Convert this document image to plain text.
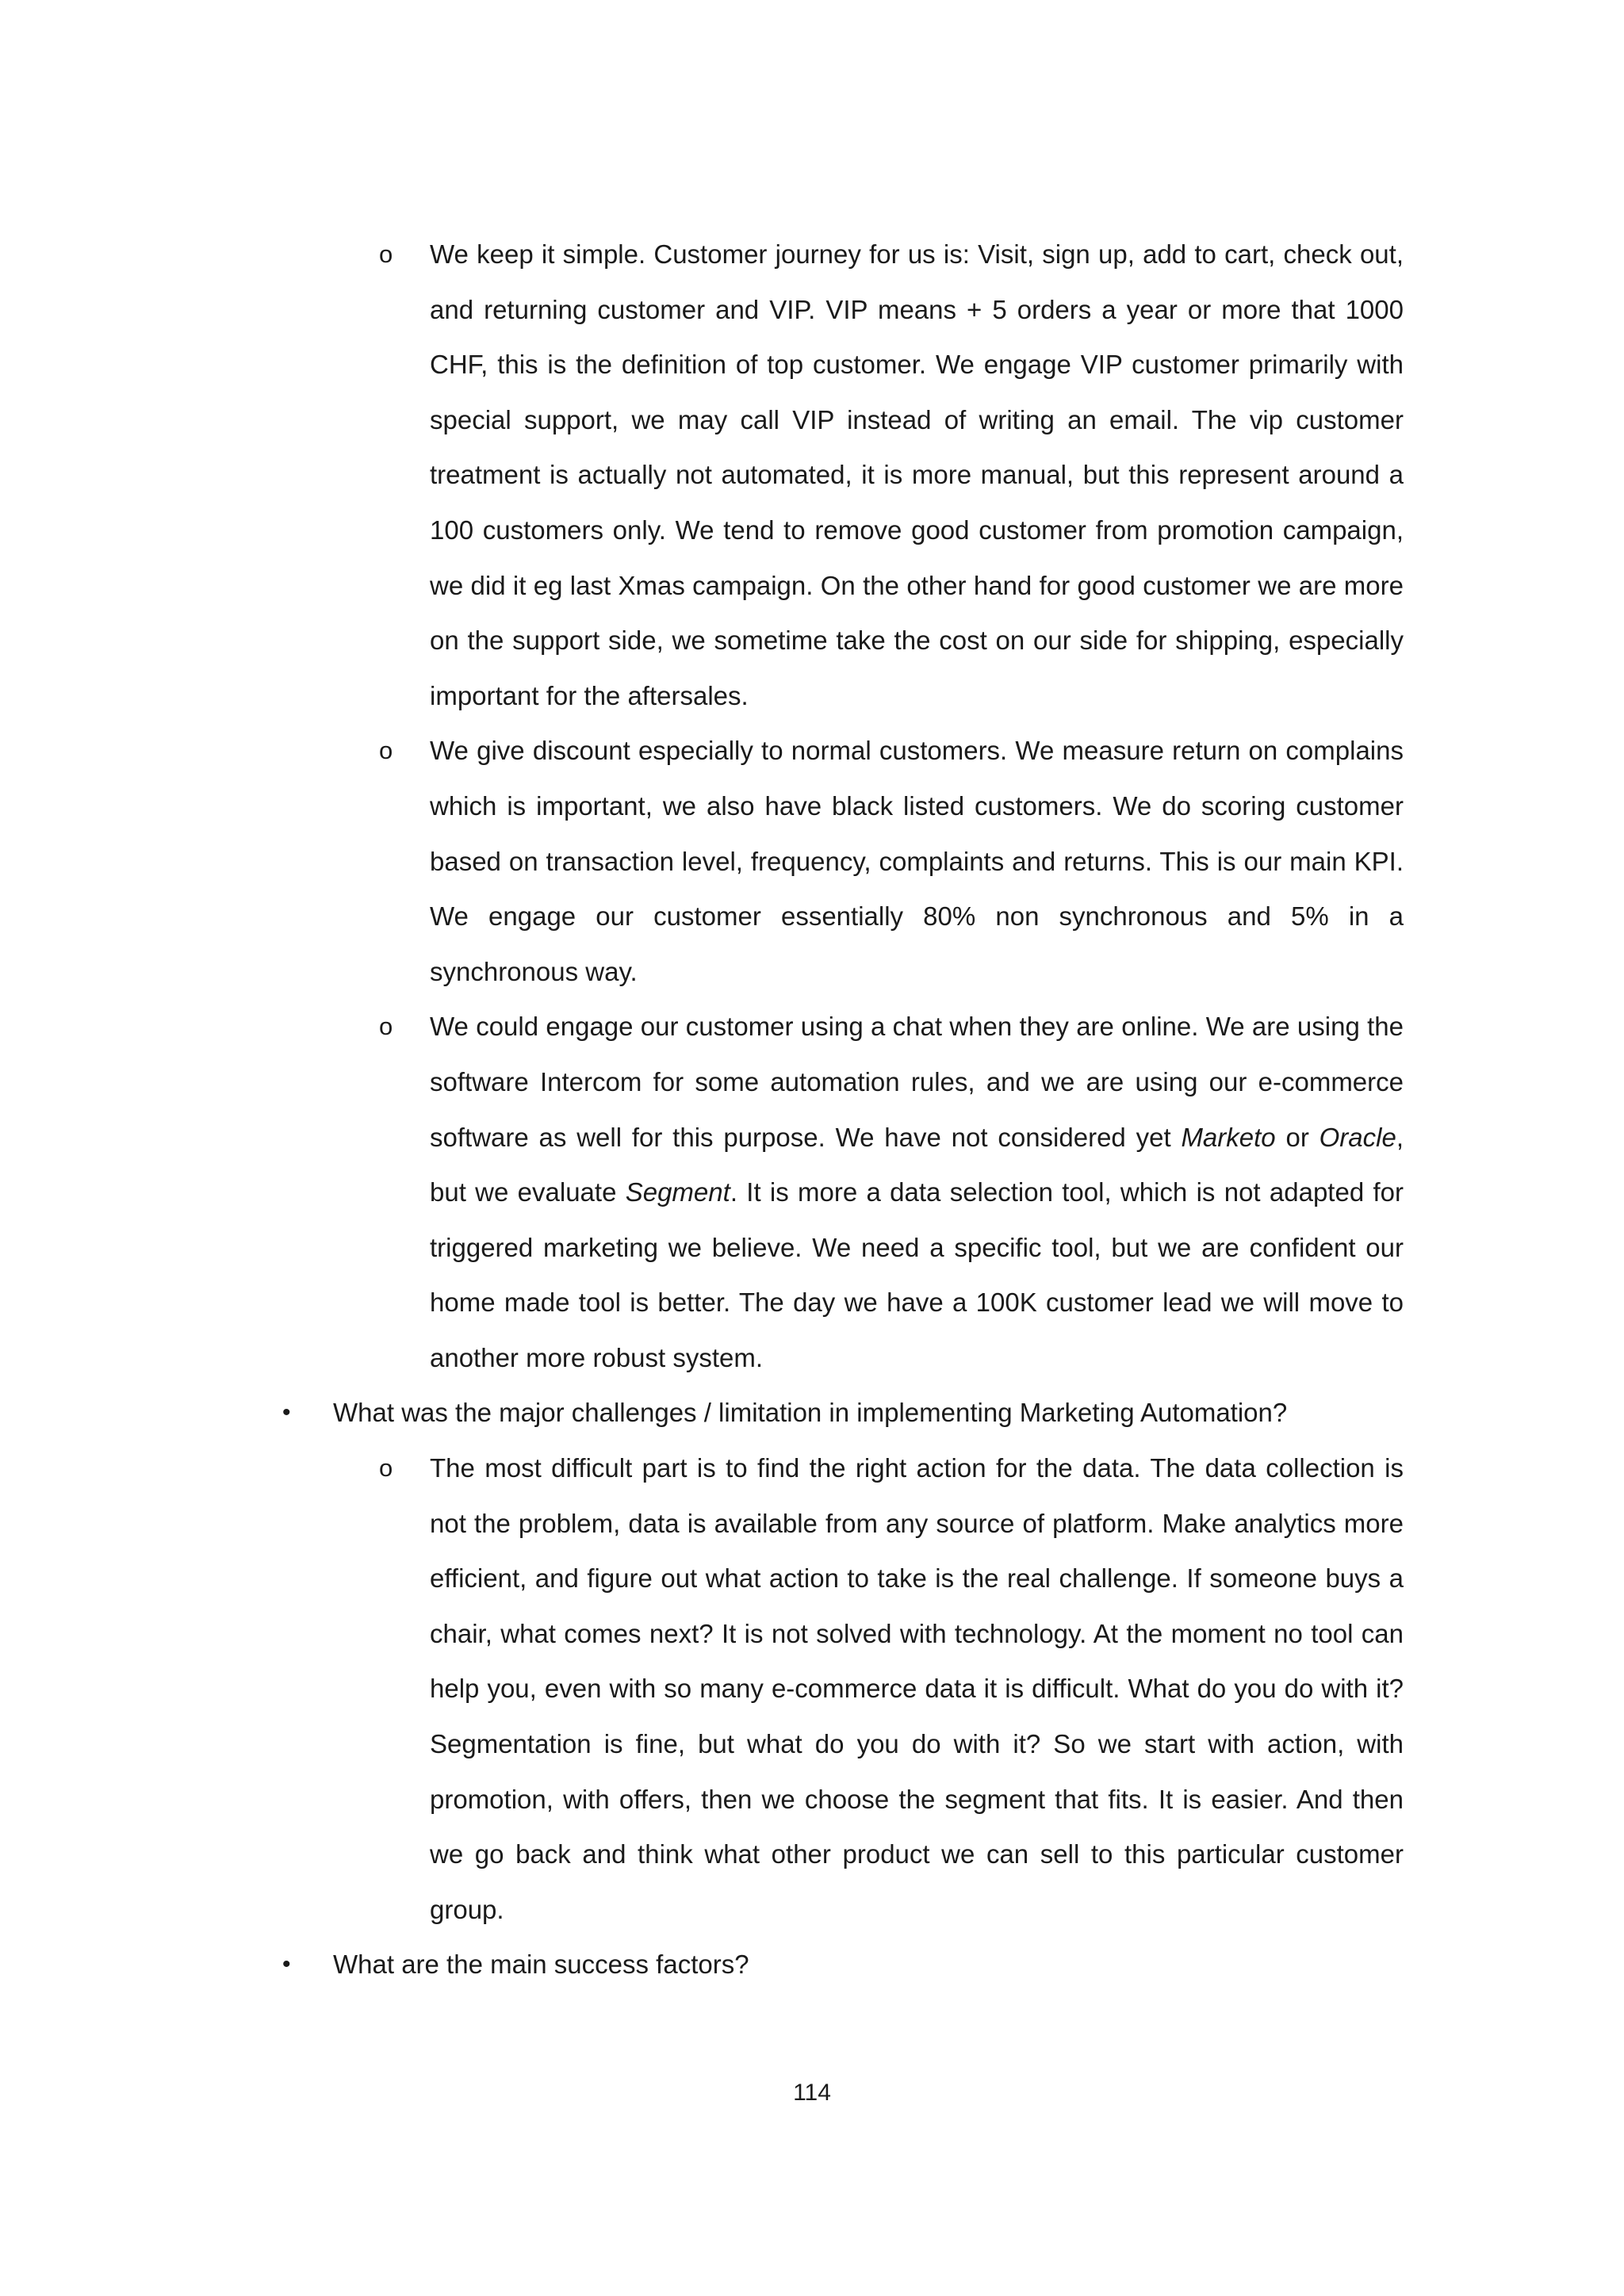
o We keep it simple. Customer journey for us is: Visit, sign up, add to cart, check out, and returning customer and VIP. VIP means + 5 orders a year or more that 1000 CHF, this is the definition of top customer. We engage VIP customer primarily with special support, we may call VIP instead of writing an email. The vip customer treatment is actually not automated, it is more manual, but this represent around a 100 customers only. We tend to remove good customer from promotion campaign, we did it eg last Xmas campaign. On the other hand for good customer we are more on the support side, we sometime take the cost on our side for shipping, especially important for the aftersales.

o We give discount especially to normal customers. We measure return on complains which is important, we also have black listed customers. We do scoring customer based on transaction level, frequency, complaints and returns. This is our main KPI. We engage our customer essentially 80% non synchronous and 5% in a synchronous way.

o We could engage our customer using a chat when they are online. We are using the software Intercom for some automation rules, and we are using our e-commerce software as well for this purpose. We have not considered yet Marketo or Oracle, but we evaluate Segment. It is more a data selection tool, which is not adapted for triggered marketing we believe. We need a specific tool, but we are confident our home made tool is better. The day we have a 100K customer lead we will move to another more robust system.

• What was the major challenges / limitation in implementing Marketing Automation?

o The most difficult part is to find the right action for the data. The data collection is not the problem, data is available from any source of platform. Make analytics more efficient, and figure out what action to take is the real challenge. If someone buys a chair, what comes next? It is not solved with technology. At the moment no tool can help you, even with so many e-commerce data it is difficult. What do you do with it? Segmentation is fine, but what do you do with it? So we start with action, with promotion, with offers, then we choose the segment that fits. It is easier. And then we go back and think what other product we can sell to this particular customer group.

• What are the main success factors?

114
